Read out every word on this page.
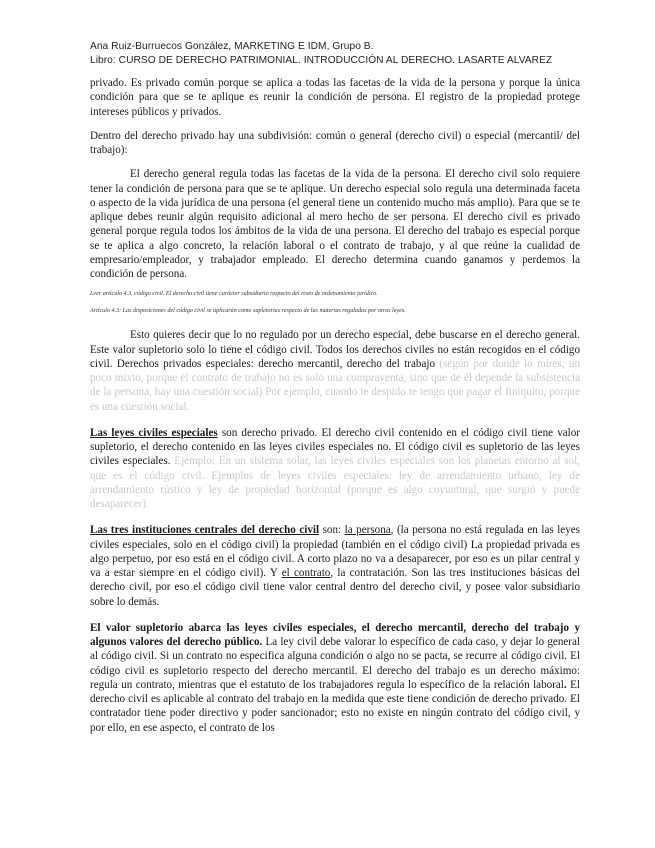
Ana Ruiz-Burruecos González, MARKETING E IDM, Grupo B.
Libro: CURSO DE DERECHO PATRIMONIAL. INTRODUCCIÓN AL DERECHO. LASARTE ALVAREZ

privado. Es privado común porque se aplica a todas las facetas de la vida de la persona y porque la única condición para que se te aplique es reunir la condición de persona. El registro de la propiedad protege intereses públicos y privados.

Dentro del derecho privado hay una subdivisión: común o general (derecho civil) o especial (mercantil/ del trabajo):

El derecho general regula todas las facetas de la vida de la persona. El derecho civil solo requiere tener la condición de persona para que se te aplique. Un derecho especial solo regula una determinada faceta o aspecto de la vida jurídica de una persona (el general tiene un contenido mucho más amplio). Para que se te aplique debes reunir algún requisito adicional al mero hecho de ser persona. El derecho civil es privado general porque regula todos los ámbitos de la vida de una persona. El derecho del trabajo es especial porque se te aplica a algo concreto, la relación laboral o el contrato de trabajo, y al que reúne la cualidad de empresario/empleador, y trabajador empleado. El derecho determina cuando ganamos y perdemos la condición de persona.

Leer artículo 4.3. código civil. El derecho civil tiene carácter subsidiario respecto del resto de ordenamiento jurídico.

Artículo 4.3: Las disposiciones del código civil se aplicarán como supletorias respecto de las materias reguladas por otras leyes.

Esto quieres decir que lo no regulado por un derecho especial, debe buscarse en el derecho general. Este valor supletorio solo lo tiene el código civil. Todos los derechos civiles no están recogidos en el código civil. Derechos privados especiales: derecho mercantil, derecho del trabajo (según por donde lo mires, un poco mixto, porque el contrato de trabajo no es solo una compraventa, sino que de él depende la subsistencia de la persona, hay una cuestión social) Por ejemplo, cuando te despido te tengo que pagar el finiquito, porque es una cuestión social.

Las leyes civiles especiales son derecho privado. El derecho civil contenido en el código civil tiene valor supletorio, el derecho contenido en las leyes civiles especiales no. El código civil es supletorio de las leyes civiles especiales. Ejemplo: En un sistema solar, las leyes civiles especiales son los planetas entorno al sol, que es el código civil. Ejemplos de leyes civiles especiales: ley de arrendamiento urbano, ley de arrendamiento rústico y ley de propiedad horizontal (porque es algo coyuntural, que surgió y puede desaparecer).

Las tres instituciones centrales del derecho civil son: la persona, (la persona no está regulada en las leyes civiles especiales, solo en el código civil) la propiedad (también en el código civil) La propiedad privada es algo perpetuo, por eso está en el código civil. A corto plazo no va a desaparecer, por eso es un pilar central y va a estar siempre en el código civil). Y el contrato, la contratación. Son las tres instituciones básicas del derecho civil, por eso el código civil tiene valor central dentro del derecho civil, y posee valor subsidiario sobre lo demás.

El valor supletorio abarca las leyes civiles especiales, el derecho mercantil, derecho del trabajo y algunos valores del derecho público. La ley civil debe valorar lo específico de cada caso, y dejar lo general al código civil. Si un contrato no especifica alguna condición o algo no se pacta, se recurre al código civil. El código civil es supletorio respecto del derecho mercantil. El derecho del trabajo es un derecho máximo: regula un contrato, mientras que el estatuto de los trabajadores regula lo específico de la relación laboral. El derecho civil es aplicable al contrato del trabajo en la medida que este tiene condición de derecho privado. El contratador tiene poder directivo y poder sancionador; esto no existe en ningún contrato del código civil, y por ello, en ese aspecto, el contrato de los
